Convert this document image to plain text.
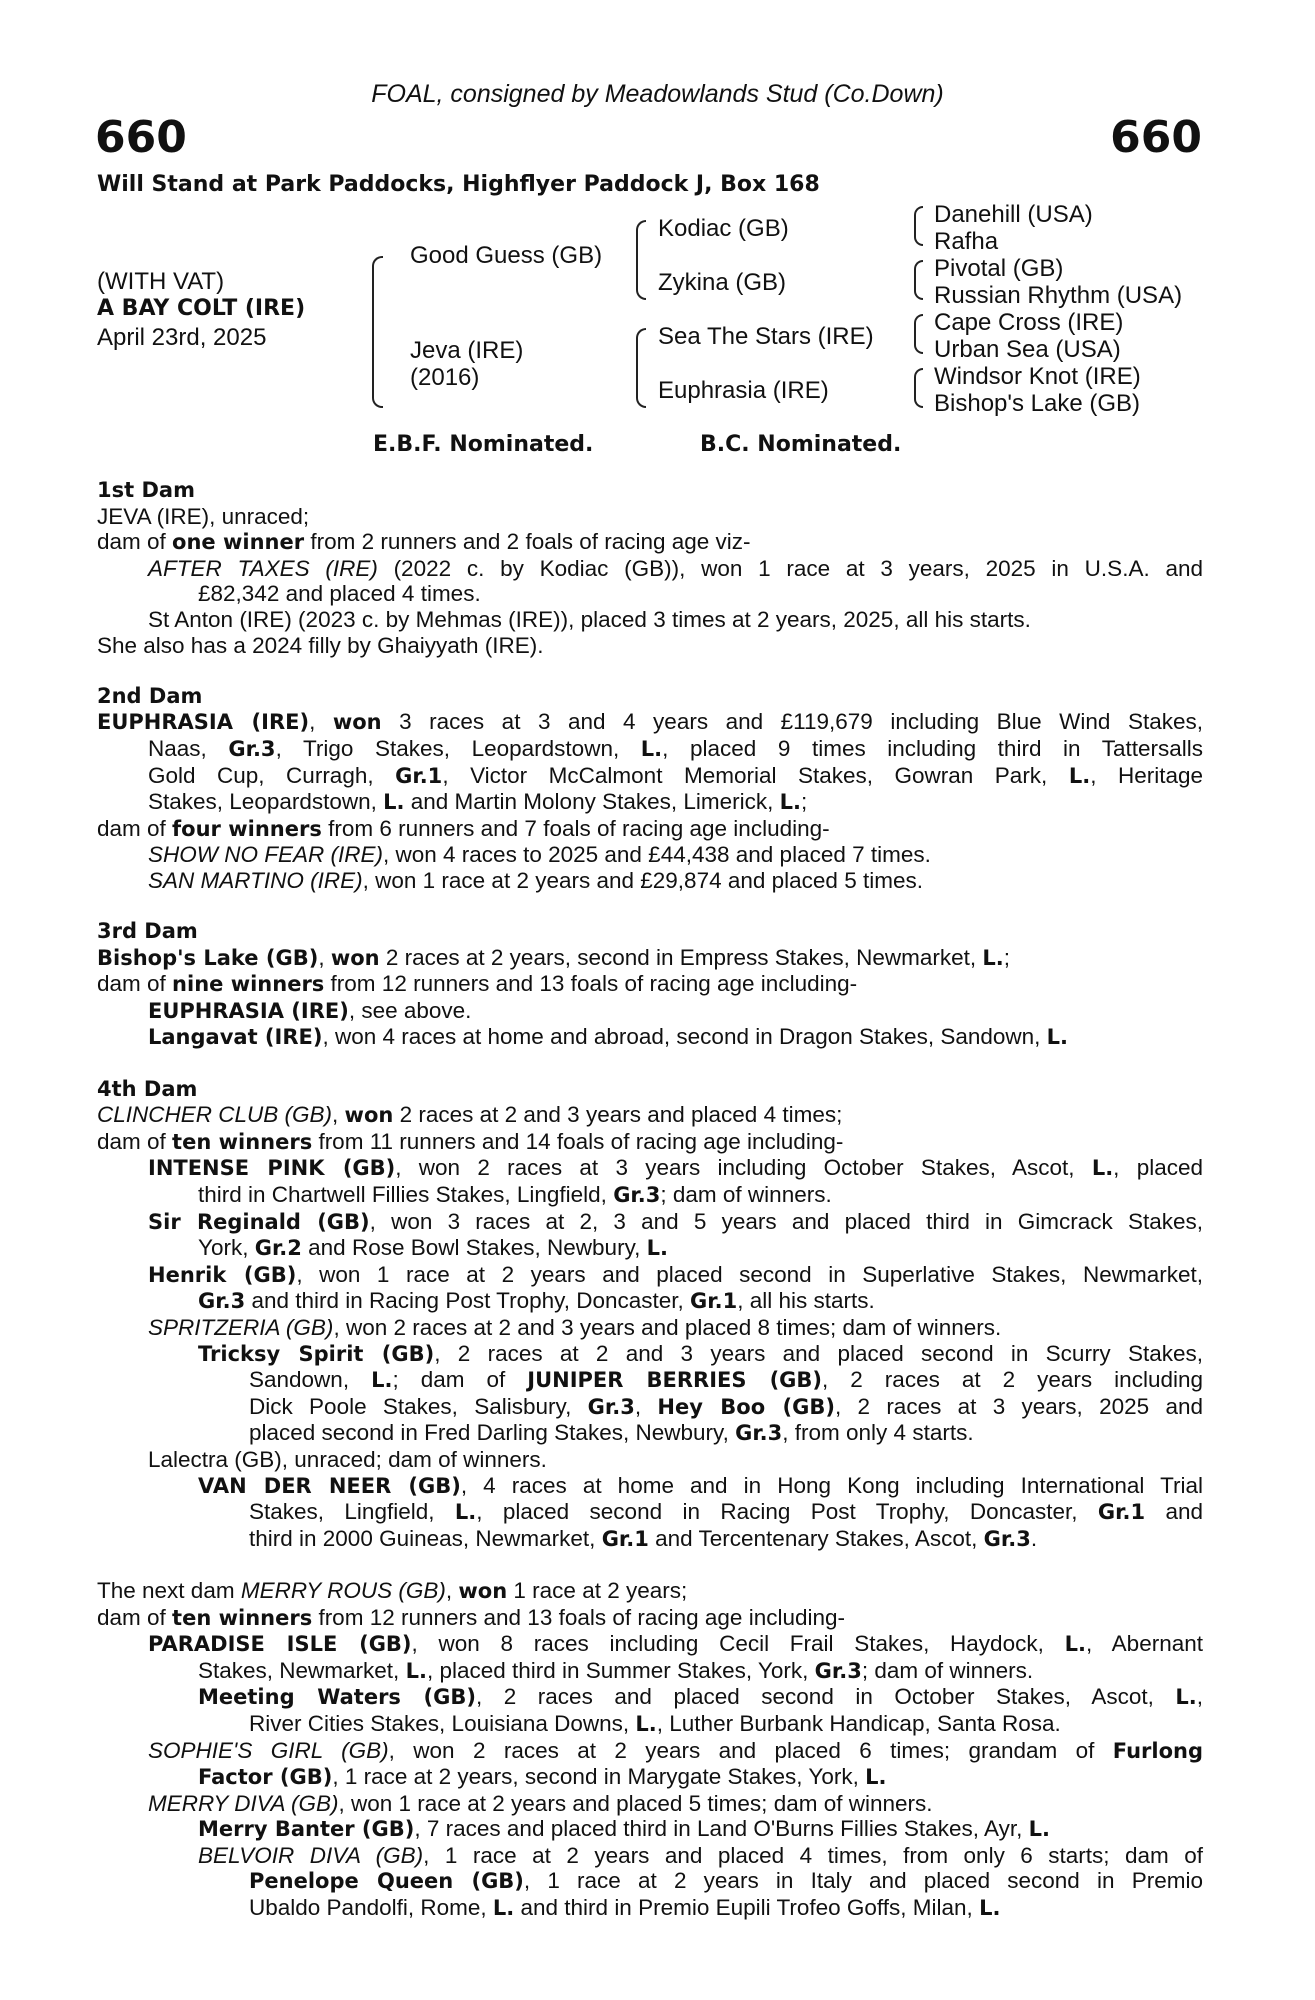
FOAL, consigned by Meadowlands Stud (Co.Down)
660	660
Will Stand at Park Paddocks, Highflyer Paddock J, Box 168
(WITH VAT)
A BAY COLT (IRE)
April 23rd, 2025
Good Guess (GB)
Jeva (IRE)
(2016)
Kodiac (GB)
Zykina (GB)
Sea The Stars (IRE)
Euphrasia (IRE)
Danehill (USA)
Rafha
Pivotal (GB)
Russian Rhythm (USA)
Cape Cross (IRE)
Urban Sea (USA)
Windsor Knot (IRE)
Bishop's Lake (GB)
E.B.F. Nominated.	B.C. Nominated.

1st Dam

JEVA (IRE), unraced;

dam of one winner from 2 runners and 2 foals of racing age viz-

AFTER TAXES (IRE) (2022 c. by Kodiac (GB)), won 1 race at 3 years, 2025 in U.S.A. and

£82,342 and placed 4 times.

St Anton (IRE) (2023 c. by Mehmas (IRE)), placed 3 times at 2 years, 2025, all his starts.

She also has a 2024 filly by Ghaiyyath (IRE).

2nd Dam

EUPHRASIA (IRE), won 3 races at 3 and 4 years and £119,679 including Blue Wind Stakes,

Naas, Gr.3, Trigo Stakes, Leopardstown, L., placed 9 times including third in Tattersalls

Gold Cup, Curragh, Gr.1, Victor McCalmont Memorial Stakes, Gowran Park, L., Heritage

Stakes, Leopardstown, L. and Martin Molony Stakes, Limerick, L.;

dam of four winners from 6 runners and 7 foals of racing age including-

SHOW NO FEAR (IRE), won 4 races to 2025 and £44,438 and placed 7 times.

SAN MARTINO (IRE), won 1 race at 2 years and £29,874 and placed 5 times.

3rd Dam

Bishop's Lake (GB), won 2 races at 2 years, second in Empress Stakes, Newmarket, L.;

dam of nine winners from 12 runners and 13 foals of racing age including-

EUPHRASIA (IRE), see above.

Langavat (IRE), won 4 races at home and abroad, second in Dragon Stakes, Sandown, L.

4th Dam

CLINCHER CLUB (GB), won 2 races at 2 and 3 years and placed 4 times;

dam of ten winners from 11 runners and 14 foals of racing age including-

INTENSE PINK (GB), won 2 races at 3 years including October Stakes, Ascot, L., placed

third in Chartwell Fillies Stakes, Lingfield, Gr.3; dam of winners.

Sir Reginald (GB), won 3 races at 2, 3 and 5 years and placed third in Gimcrack Stakes,

York, Gr.2 and Rose Bowl Stakes, Newbury, L.

Henrik (GB), won 1 race at 2 years and placed second in Superlative Stakes, Newmarket,

Gr.3 and third in Racing Post Trophy, Doncaster, Gr.1, all his starts.

SPRITZERIA (GB), won 2 races at 2 and 3 years and placed 8 times; dam of winners.

Tricksy Spirit (GB), 2 races at 2 and 3 years and placed second in Scurry Stakes,

Sandown, L.; dam of JUNIPER BERRIES (GB), 2 races at 2 years including

Dick Poole Stakes, Salisbury, Gr.3, Hey Boo (GB), 2 races at 3 years, 2025 and

placed second in Fred Darling Stakes, Newbury, Gr.3, from only 4 starts.

Lalectra (GB), unraced; dam of winners.

VAN DER NEER (GB), 4 races at home and in Hong Kong including International Trial

Stakes, Lingfield, L., placed second in Racing Post Trophy, Doncaster, Gr.1 and

third in 2000 Guineas, Newmarket, Gr.1 and Tercentenary Stakes, Ascot, Gr.3.

The next dam MERRY ROUS (GB), won 1 race at 2 years;

dam of ten winners from 12 runners and 13 foals of racing age including-

PARADISE ISLE (GB), won 8 races including Cecil Frail Stakes, Haydock, L., Abernant

Stakes, Newmarket, L., placed third in Summer Stakes, York, Gr.3; dam of winners.

Meeting Waters (GB), 2 races and placed second in October Stakes, Ascot, L.,

River Cities Stakes, Louisiana Downs, L., Luther Burbank Handicap, Santa Rosa.

SOPHIE'S GIRL (GB), won 2 races at 2 years and placed 6 times; grandam of Furlong

Factor (GB), 1 race at 2 years, second in Marygate Stakes, York, L.

MERRY DIVA (GB), won 1 race at 2 years and placed 5 times; dam of winners.

Merry Banter (GB), 7 races and placed third in Land O'Burns Fillies Stakes, Ayr, L.

BELVOIR DIVA (GB), 1 race at 2 years and placed 4 times, from only 6 starts; dam of

Penelope Queen (GB), 1 race at 2 years in Italy and placed second in Premio

Ubaldo Pandolfi, Rome, L. and third in Premio Eupili Trofeo Goffs, Milan, L.
